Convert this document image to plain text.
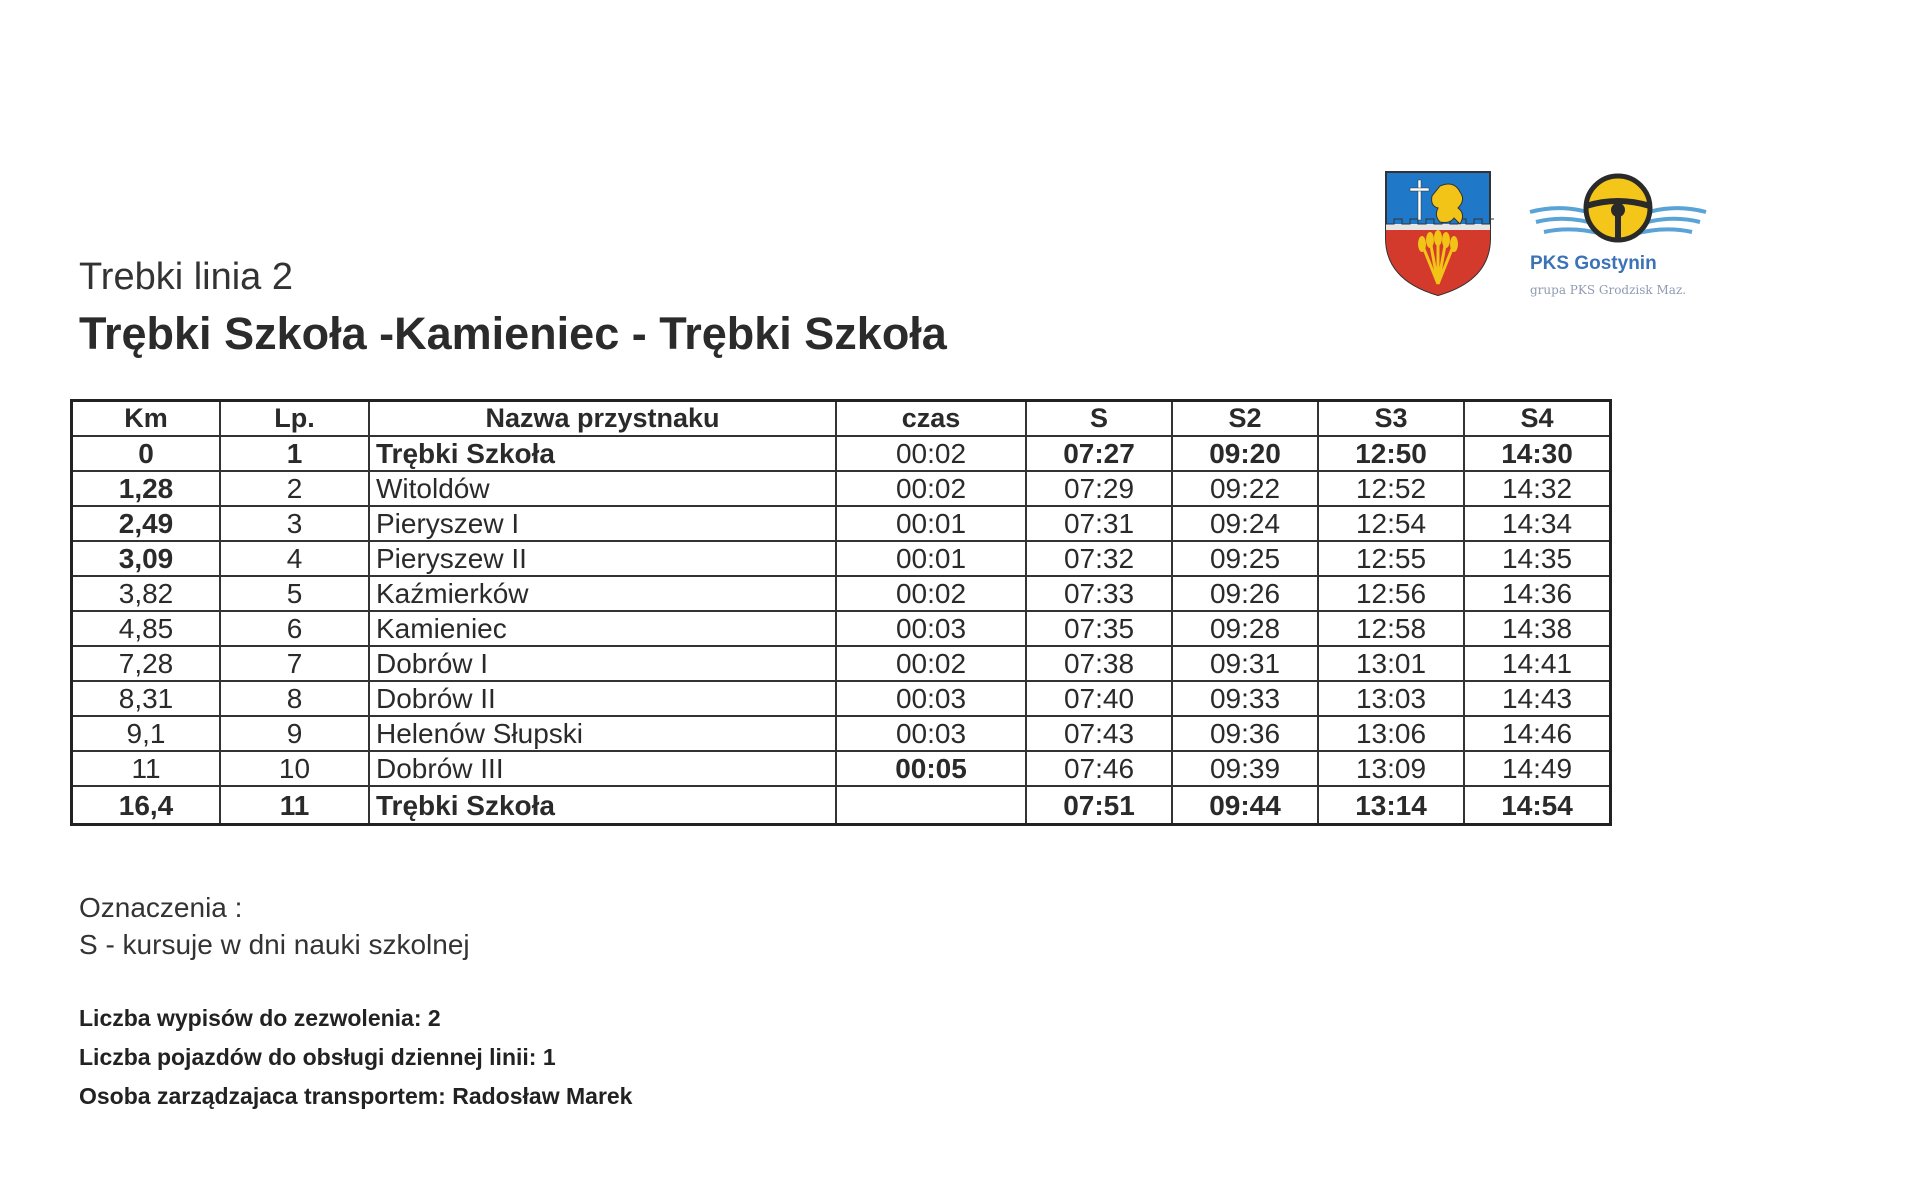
Trebki linia 2
Trębki Szkoła -Kamieniec - Trębki Szkoła
PKS Gostynin
grupa PKS Grodzisk Maz.
Km	Lp.	Nazwa przystnaku	czas	S	S2	S3	S4
0	1	Trębki Szkoła	00:02	07:27	09:20	12:50	14:30
1,28	2	Witoldów	00:02	07:29	09:22	12:52	14:32
2,49	3	Pieryszew I	00:01	07:31	09:24	12:54	14:34
3,09	4	Pieryszew II	00:01	07:32	09:25	12:55	14:35
3,82	5	Kaźmierków	00:02	07:33	09:26	12:56	14:36
4,85	6	Kamieniec	00:03	07:35	09:28	12:58	14:38
7,28	7	Dobrów I	00:02	07:38	09:31	13:01	14:41
8,31	8	Dobrów II	00:03	07:40	09:33	13:03	14:43
9,1	9	Helenów Słupski	00:03	07:43	09:36	13:06	14:46
11	10	Dobrów III	00:05	07:46	09:39	13:09	14:49
16,4	11	Trębki Szkoła		07:51	09:44	13:14	14:54
Oznaczenia :
S - kursuje w dni nauki szkolnej
Liczba wypisów do zezwolenia: 2
Liczba pojazdów do obsługi dziennej linii: 1
Osoba zarządzajaca transportem: Radosław Marek
